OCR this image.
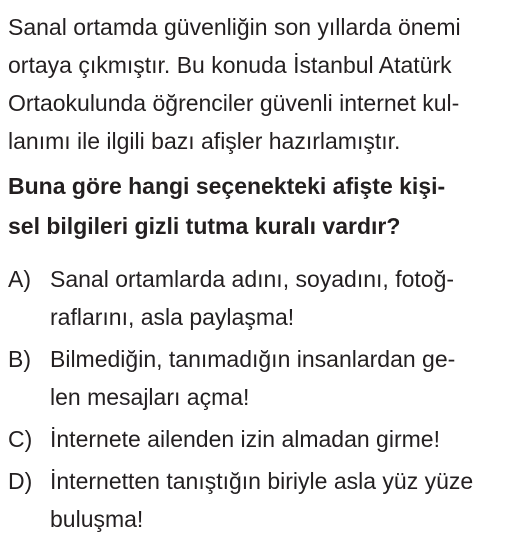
Sanal ortamda güvenliğin son yıllarda önemi
ortaya çıkmıştır. Bu konuda İstanbul Atatürk
Ortaokulunda öğrenciler güvenli internet kul-
lanımı ile ilgili bazı afişler hazırlamıştır.
Buna göre hangi seçenekteki afişte kişi-
sel bilgileri gizli tutma kuralı vardır?
A) Sanal ortamlarda adını, soyadını, fotoğ-
raflarını, asla paylaşma!
B) Bilmediğin, tanımadığın insanlardan ge-
len mesajları açma!
C) İnternete ailenden izin almadan girme!
D) İnternetten tanıştığın biriyle asla yüz yüze
buluşma!
